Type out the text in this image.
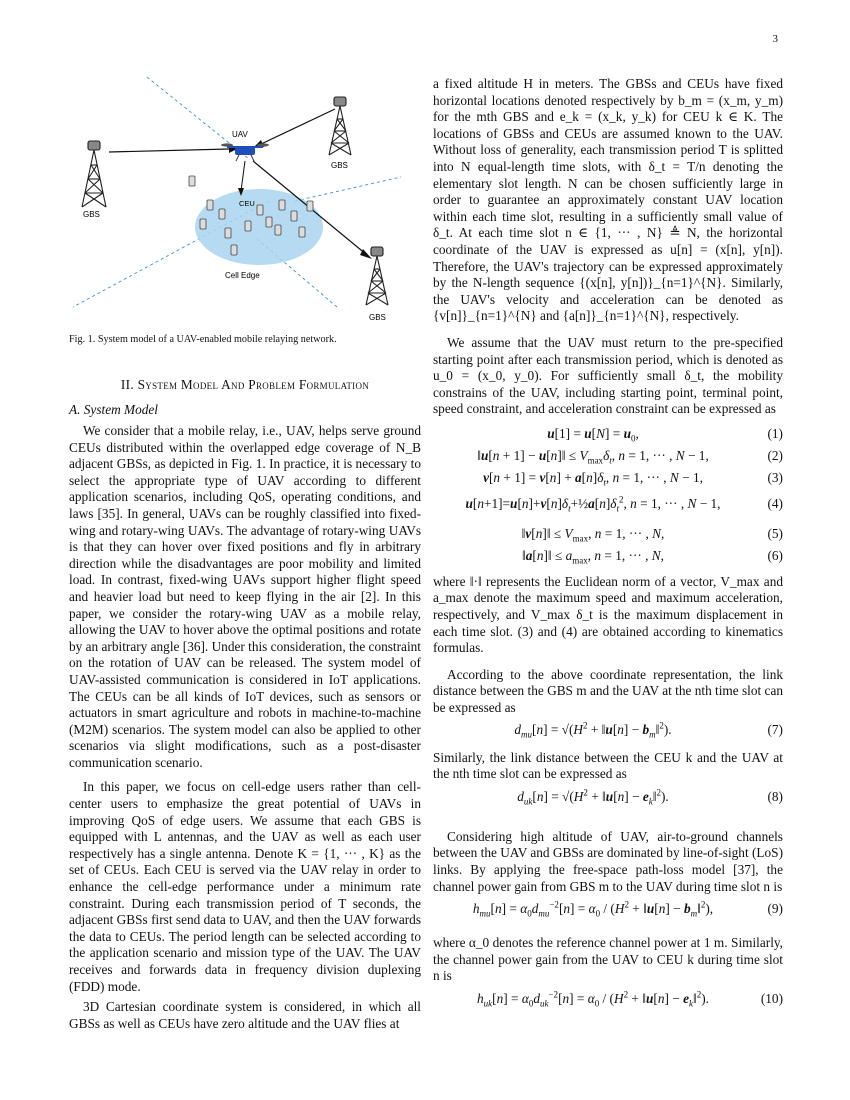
3
GBS
GBS
GBS
UAV
CEU
Cell Edge
Fig. 1. System model of a UAV-enabled mobile relaying network.
II. System Model And Problem Formulation
A. System Model

We consider that a mobile relay, i.e., UAV, helps serve ground CEUs distributed within the overlapped edge coverage of N_B adjacent GBSs, as depicted in Fig. 1. In practice, it is necessary to select the appropriate type of UAV according to different application scenarios, including QoS, operating conditions, and laws [35]. In general, UAVs can be roughly classified into fixed-wing and rotary-wing UAVs. The advantage of rotary-wing UAVs is that they can hover over fixed positions and fly in arbitrary direction while the disadvantages are poor mobility and limited load. In contrast, fixed-wing UAVs support higher flight speed and heavier load but need to keep flying in the air [2]. In this paper, we consider the rotary-wing UAV as a mobile relay, allowing the UAV to hover above the optimal positions and rotate by an arbitrary angle [36]. Under this consideration, the constraint on the rotation of UAV can be released. The system model of UAV-assisted communication is considered in IoT applications. The CEUs can be all kinds of IoT devices, such as sensors or actuators in smart agriculture and robots in machine-to-machine (M2M) scenarios. The system model can also be applied to other scenarios via slight modifications, such as a post-disaster communication scenario.

In this paper, we focus on cell-edge users rather than cell-center users to emphasize the great potential of UAVs in improving QoS of edge users. We assume that each GBS is equipped with L antennas, and the UAV as well as each user respectively has a single antenna. Denote K = {1, ··· , K} as the set of CEUs. Each CEU is served via the UAV relay in order to enhance the cell-edge performance under a minimum rate constraint. During each transmission period of T seconds, the adjacent GBSs first send data to UAV, and then the UAV forwards the data to CEUs. The period length can be selected according to the application scenario and mission type of the UAV. The UAV receives and forwards data in frequency division duplexing (FDD) mode.

3D Cartesian coordinate system is considered, in which all GBSs as well as CEUs have zero altitude and the UAV flies at

a fixed altitude H in meters. The GBSs and CEUs have fixed horizontal locations denoted respectively by b_m = (x_m, y_m) for the mth GBS and e_k = (x_k, y_k) for CEU k ∈ K. The locations of GBSs and CEUs are assumed known to the UAV. Without loss of generality, each transmission period T is splitted into N equal-length time slots, with δ_t = T/n denoting the elementary slot length. N can be chosen sufficiently large in order to guarantee an approximately constant UAV location within each time slot, resulting in a sufficiently small value of δ_t. At each time slot n ∈ {1, ··· , N} ≜ N, the horizontal coordinate of the UAV is expressed as u[n] = (x[n], y[n]). Therefore, the UAV's trajectory can be expressed approximately by the N-length sequence {(x[n], y[n])}_{n=1}^{N}. Similarly, the UAV's velocity and acceleration can be denoted as {v[n]}_{n=1}^{N} and {a[n]}_{n=1}^{N}, respectively.

We assume that the UAV must return to the pre-specified starting point after each transmission period, which is denoted as u_0 = (x_0, y_0). For sufficiently small δ_t, the mobility constrains of the UAV, including starting point, terminal point, speed constraint, and acceleration constraint can be expressed as

$u[1] = u[N] = u_0$,	(1)
‖u[n + 1] − u[n]‖ ≤ $V_{max}\delta_t$, n = 1, ··· , N − 1,	(2)
$v[n + 1] = v[n] + a[n]\delta_t$, n = 1, ··· , N − 1,	(3)
$u[n+1]=u[n]+v[n]\delta_t+\frac{1}{2}a[n]\delta_t^2$, n = 1, ··· , N − 1,	(4)
‖v[n]‖ ≤ $V_{max}$, n = 1, ··· , N,	(5)
‖a[n]‖ ≤ $a_{max}$, n = 1, ··· , N,	(6)

where ‖·‖ represents the Euclidean norm of a vector, V_max and a_max denote the maximum speed and maximum acceleration, respectively, and V_max δ_t is the maximum displacement in each time slot. (3) and (4) are obtained according to kinematics formulas.

According to the above coordinate representation, the link distance between the GBS m and the UAV at the nth time slot can be expressed as

$d_{mu}[n] = √(H^2$ + ‖u[n] − $b_m‖^2$).	(7)

Similarly, the link distance between the CEU k and the UAV at the nth time slot can be expressed as

$d_{uk}[n] = √(H^2$ + ‖u[n] − $e_k‖^2$).	(8)

Considering high altitude of UAV, air-to-ground channels between the UAV and GBSs are dominated by line-of-sight (LoS) links. By applying the free-space path-loss model [37], the channel power gain from GBS m to the UAV during time slot n is

$h_{mu}[n] = \alpha_0d_{mu}^{-2}[n] = \alpha_0 / (H^2$ + ‖u[n] − $b_m‖^2$),	(9)

where α_0 denotes the reference channel power at 1 m. Similarly, the channel power gain from the UAV to CEU k during time slot n is

$h_{uk}[n] = \alpha_0d_{uk}^{-2}[n] = \alpha_0 / (H^2$ + ‖u[n] − $e_k‖^2$).	(10)
